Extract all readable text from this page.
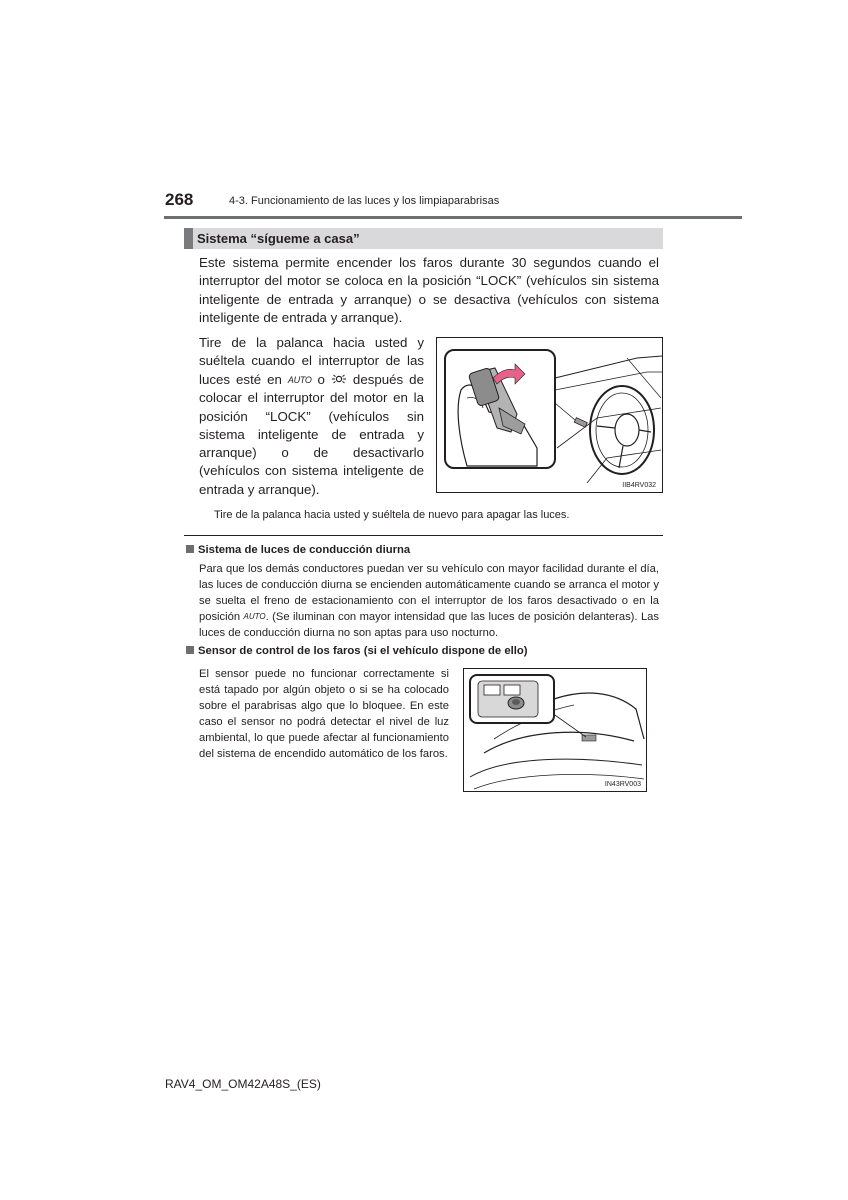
268	4-3. Funcionamiento de las luces y los limpiaparabrisas
Sistema “sígueme a casa”
Este sistema permite encender los faros durante 30 segundos cuando el interruptor del motor se coloca en la posición “LOCK” (vehículos sin sistema inteligente de entrada y arranque) o se desactiva (vehículos con sistema inteligente de entrada y arranque).
Tire de la palanca hacia usted y suéltela cuando el interruptor de las luces esté en AUTO o después de colocar el interruptor del motor en la posición “LOCK” (vehículos sin sistema inteligente de entrada y arranque) o de desactivarlo (vehículos con sistema inteligente de entrada y arranque).	IIB4RV032
Tire de la palanca hacia usted y suéltela de nuevo para apagar las luces.
Sistema de luces de conducción diurna
Para que los demás conductores puedan ver su vehículo con mayor facilidad durante el día, las luces de conducción diurna se encienden automáticamente cuando se arranca el motor y se suelta el freno de estacionamiento con el interruptor de los faros desactivado o en la posición AUTO. (Se iluminan con mayor intensidad que las luces de posición delanteras). Las luces de conducción diurna no son aptas para uso nocturno.
Sensor de control de los faros (si el vehículo dispone de ello)
El sensor puede no funcionar correctamente si está tapado por algún objeto o si se ha colocado sobre el parabrisas algo que lo bloquee. En este caso el sensor no podrá detectar el nivel de luz ambiental, lo que puede afectar al funcionamiento del sistema de encendido automático de los faros.
IN43RV003
RAV4_OM_OM42A48S_(ES)
